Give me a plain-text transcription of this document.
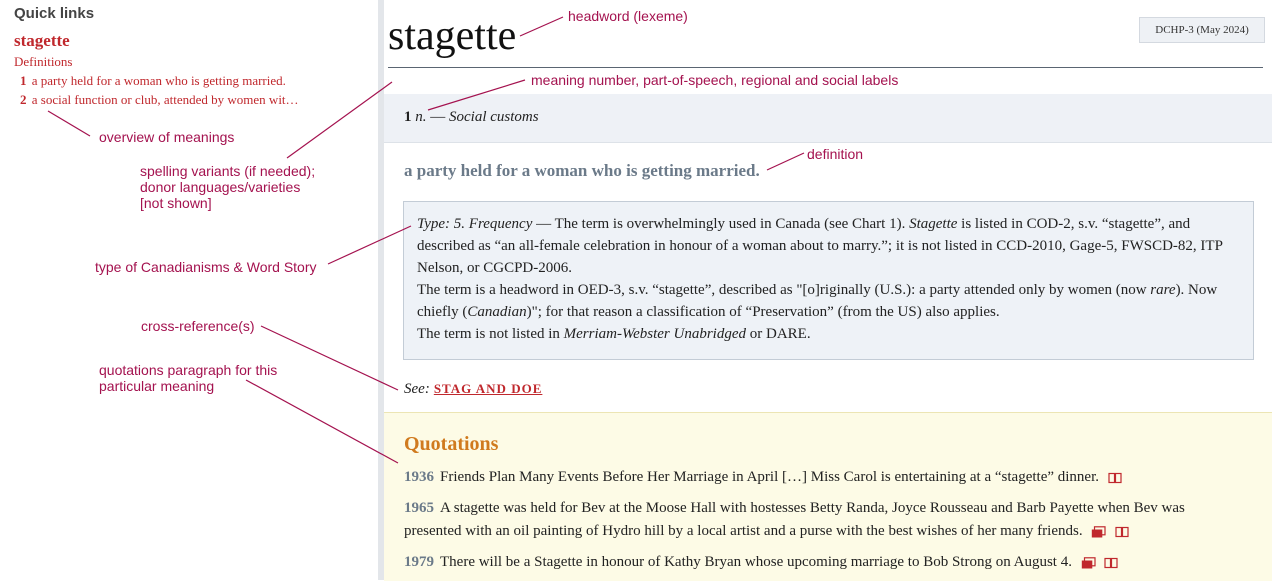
Quick links
stagette
Definitions
1 a party held for a woman who is getting married.
2 a social function or club, attended by women wit…
stagette	DCHP-3 (May 2024)
1 n. — Social customs
a party held for a woman who is getting married.
Type: 5. Frequency — The term is overwhelmingly used in Canada (see Chart 1). Stagette is listed in COD-2, s.v. “stagette”, and
described as “an all-female celebration in honour of a woman about to marry.”; it is not listed in CCD-2010, Gage-5, FWSCD-82, ITP
Nelson, or CGCPD-2006.
The term is a headword in OED-3, s.v. “stagette”, described as "[o]riginally (U.S.): a party attended only by women (now rare). Now
chiefly (Canadian)"; for that reason a classification of “Preservation” (from the US) also applies.
The term is not listed in Merriam-Webster Unabridged or DARE.
See: STAG AND DOE
Quotations
1936 Friends Plan Many Events Before Her Marriage in April […] Miss Carol is entertaining at a “stagette” dinner.
1965 A stagette was held for Bev at the Moose Hall with hostesses Betty Randa, Joyce Rousseau and Barb Payette when Bev was
presented with an oil painting of Hydro hill by a local artist and a purse with the best wishes of her many friends.
1979 There will be a Stagette in honour of Kathy Bryan whose upcoming marriage to Bob Strong on August 4.
headword (lexeme)
meaning number, part-of-speech, regional and social labels
definition
overview of meanings
spelling variants (if needed);
donor languages/varieties
[not shown]
type of Canadianisms & Word Story
cross-reference(s)
quotations paragraph for this
particular meaning
